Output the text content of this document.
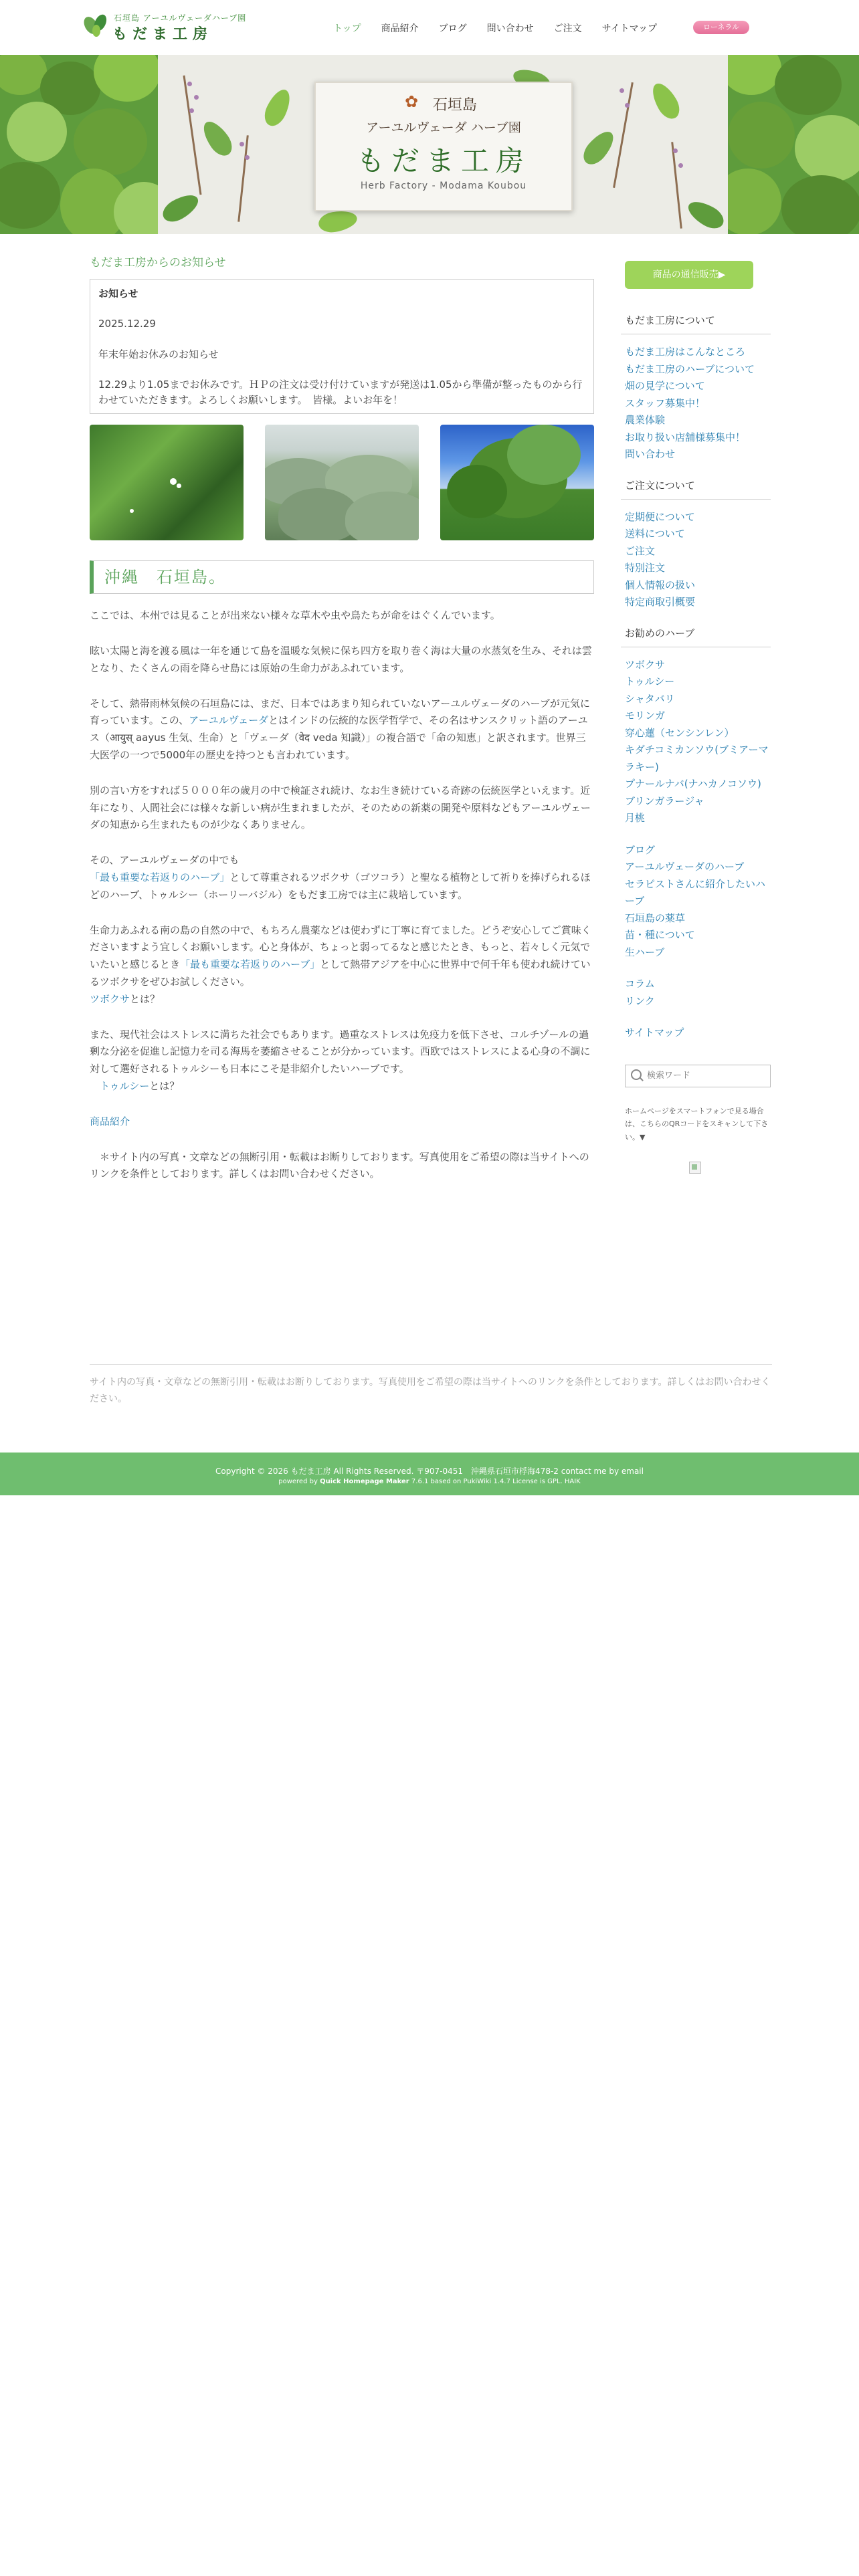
石垣島 アーユルヴェーダハーブ園
もだま工房	トップ 商品紹介 ブログ 問い合わせ ご注文 サイトマップ	ローネラル
✿ 石垣島
アーユルヴェーダ ハーブ園
もだま工房
Herb Factory - Modama Koubou
もだま工房からのお知らせ

お知らせ

2025.12.29

年末年始お休みのお知らせ

12.29より1.05までお休みです。ＨＰの注文は受け付けていますが発送は1.05から準備が整ったものから行わせていただきます。よろしくお願いします。　皆様。よいお年を！

沖縄　石垣島。

ここでは、本州では見ることが出来ない様々な草木や虫や鳥たちが命をはぐくんでいます。

眩い太陽と海を渡る風は一年を通じて島を温暖な気候に保ち四方を取り巻く海は大量の水蒸気を生み、それは雲となり、たくさんの雨を降らせ島には原始の生命力があふれています。

そして、熱帯雨林気候の石垣島には、まだ、日本ではあまり知られていないアーユルヴェーダのハーブが元気に育っています。この、アーユルヴェーダとはインドの伝統的な医学哲学で、その名はサンスクリット語のアーユス（आयुस् aayus 生気、生命）と「ヴェーダ（वेद veda 知識）」の複合語で「命の知恵」と訳されます。世界三大医学の一つで5000年の歴史を持つとも言われています。

別の言い方をすれば５０００年の歳月の中で検証され続け、なお生き続けている奇跡の伝統医学といえます。近年になり、人間社会には様々な新しい病が生まれましたが、そのための新薬の開発や原料などもアーユルヴェーダの知恵から生まれたものが少なくありません。

その、アーユルヴェーダの中でも
「最も重要な若返りのハーブ」として尊重されるツボクサ（ゴツコラ）と聖なる植物として祈りを捧げられるほどのハーブ、トゥルシー（ホーリーバジル）をもだま工房では主に栽培しています。

生命力あふれる南の島の自然の中で、もちろん農薬などは使わずに丁寧に育てました。どうぞ安心してご賞味くださいますよう宜しくお願いします。心と身体が、ちょっと弱ってるなと感じたとき、もっと、若々しく元気でいたいと感じるとき「最も重要な若返りのハーブ」として熱帯アジアを中心に世界中で何千年も使われ続けているツボクサをぜひお試しください。
ツボクサとは？

また、現代社会はストレスに満ちた社会でもあります。過重なストレスは免疫力を低下させ、コルチゾールの過剰な分泌を促進し記憶力を司る海馬を萎縮させることが分かっています。西欧ではストレスによる心身の不調に対して選好されるトゥルシーも日本にこそ是非紹介したいハーブです。
　トゥルシーとは？

商品紹介

　＊サイト内の写真・文章などの無断引用・転載はお断りしております。写真使用をご希望の際は当サイトへのリンクを条件としております。詳しくはお問い合わせください。

商品の通信販売▶
もだま工房について
もだま工房はこんなところ
もだま工房のハーブについて
畑の見学について
スタッフ募集中！
農業体験
お取り扱い店舗様募集中！
問い合わせ
ご注文について
定期便について
送料について
ご注文
特別注文
個人情報の扱い
特定商取引概要
お勧めのハーブ
ツボクサ
トゥルシー
シャタバリ
モリンガ
穿心蓮（センシンレン）
キダチコミカンソウ(ブミアーマラキー)
プナールナバ(ナハカノコソウ)
ブリンガラージャ
月桃
ブログ
アーユルヴェーダのハーブ
セラピストさんに紹介したいハーブ
石垣島の薬草
苗・種について
生ハーブ
コラム
リンク
サイトマップ
検索ワード
ホームページをスマートフォンで見る場合は、こちらのQRコードをスキャンして下さい。▼
サイト内の写真・文章などの無断引用・転載はお断りしております。写真使用をご希望の際は当サイトへのリンクを条件としております。詳しくはお問い合わせください。
Copyright © 2026 もだま工房 All Rights Reserved. 〒907-0451　沖縄県石垣市桴海478-2 contact me by email
powered by Quick Homepage Maker 7.6.1 based on PukiWiki 1.4.7 License is GPL. HAIK
